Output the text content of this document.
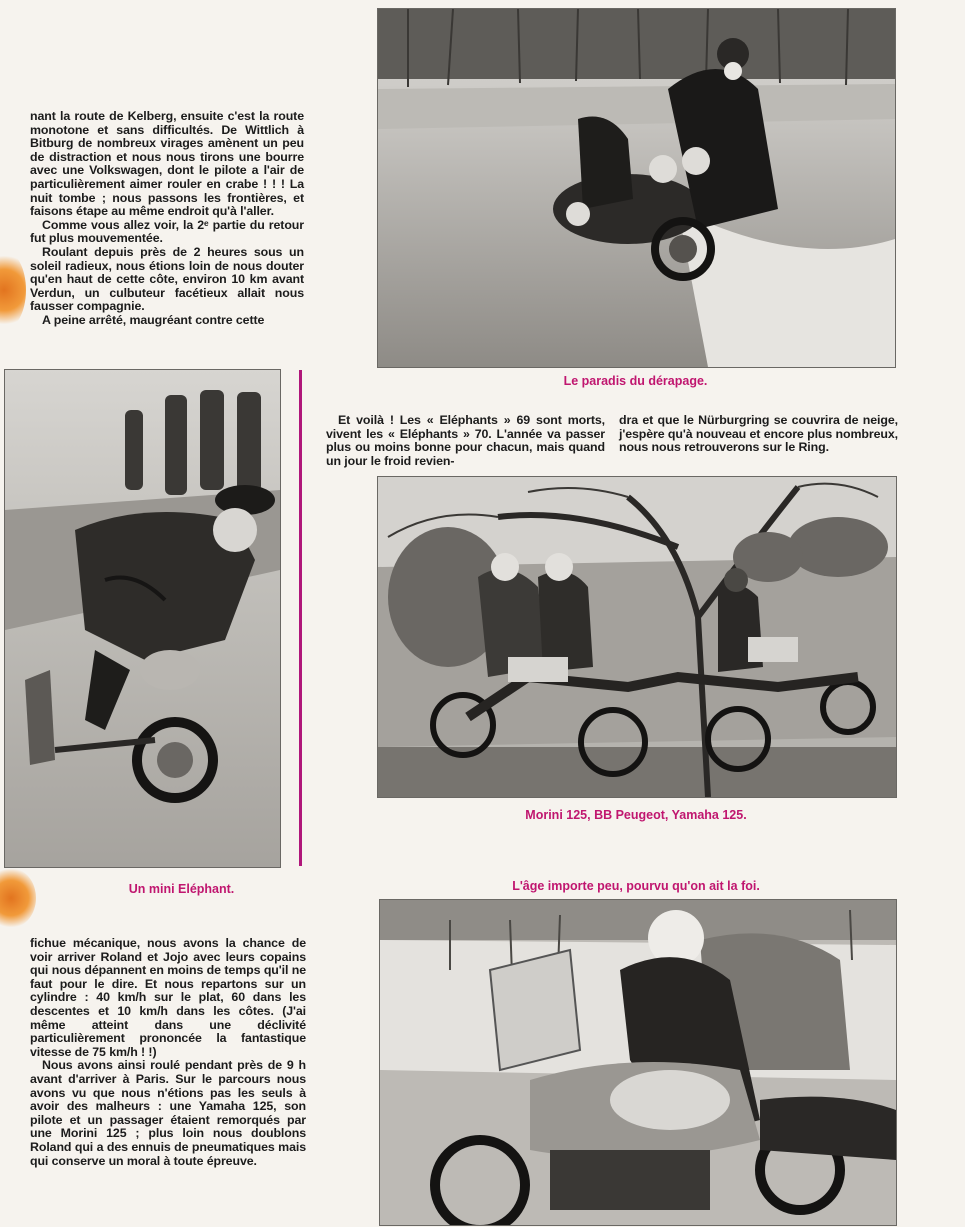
nant la route de Kelberg, ensuite c'est la route monotone et sans difficultés. De Wittlich à Bitburg de nombreux virages amènent un peu de distraction et nous nous tirons une bourre avec une Volkswagen, dont le pilote a l'air de particulièrement aimer rouler en crabe ! ! ! La nuit tombe ; nous passons les frontières, et faisons étape au même endroit qu'à l'aller.

Comme vous allez voir, la 2ᵉ partie du retour fut plus mouvementée.

Roulant depuis près de 2 heures sous un soleil radieux, nous étions loin de nous douter qu'en haut de cette côte, environ 10 km avant Verdun, un culbuteur facétieux allait nous fausser compagnie.

A peine arrêté, maugréant contre cette

Le paradis du dérapage.
Un mini Eléphant.

Et voilà ! Les « Eléphants » 69 sont morts, vivent les « Eléphants » 70. L'année va passer plus ou moins bonne pour chacun, mais quand un jour le froid revien-

dra et que le Nürburgring se couvrira de neige, j'espère qu'à nouveau et encore plus nombreux, nous nous retrouverons sur le Ring.

Morini 125, BB Peugeot, Yamaha 125.
L'âge importe peu, pourvu qu'on ait la foi.

fichue mécanique, nous avons la chance de voir arriver Roland et Jojo avec leurs copains qui nous dépannent en moins de temps qu'il ne faut pour le dire. Et nous repartons sur un cylindre : 40 km/h sur le plat, 60 dans les descentes et 10 km/h dans les côtes. (J'ai même atteint dans une déclivité particulièrement prononcée la fantastique vitesse de 75 km/h ! !)

Nous avons ainsi roulé pendant près de 9 h avant d'arriver à Paris. Sur le parcours nous avons vu que nous n'étions pas les seuls à avoir des malheurs : une Yamaha 125, son pilote et un passager étaient remorqués par une Morini 125 ; plus loin nous doublons Roland qui a des ennuis de pneumatiques mais qui conserve un moral à toute épreuve.
